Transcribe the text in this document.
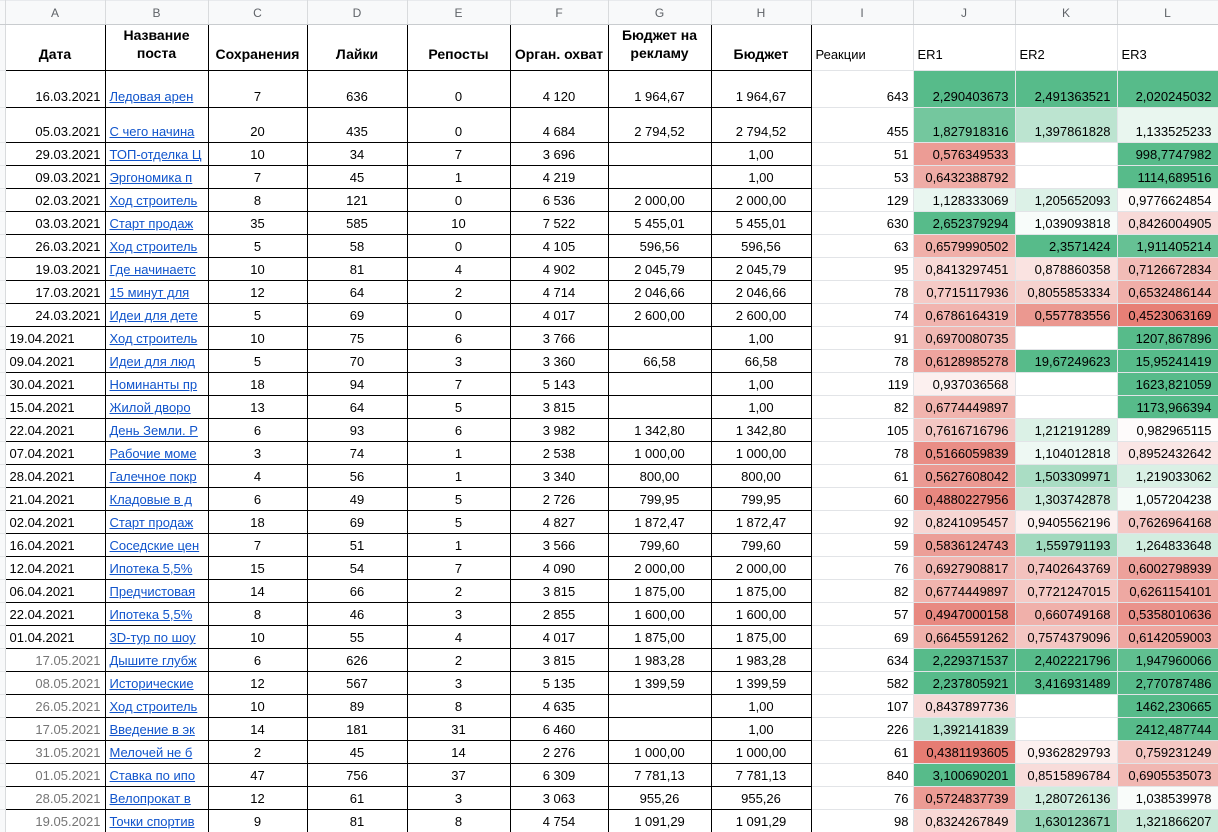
	A	B	C	D	E	F	G	H	I	J	K	L
	Дата	Название поста	Сохранения	Лайки	Репосты	Орган. охват	Бюджет на рекламу	Бюджет	Реакции	ER1	ER2	ER3
	16.03.2021	Ледовая арен	7	636	0	4 120	1 964,67	1 964,67	643	2,290403673	2,491363521	2,020245032
	05.03.2021	С чего начина	20	435	0	4 684	2 794,52	2 794,52	455	1,827918316	1,397861828	1,133525233
	29.03.2021	ТОП-отделка Ц	10	34	7	3 696		1,00	51	0,576349533		998,7747982
	09.03.2021	Эргономика п	7	45	1	4 219		1,00	53	0,6432388792		1114,689516
	02.03.2021	Ход строитель	8	121	0	6 536	2 000,00	2 000,00	129	1,128333069	1,205652093	0,9776624854
	03.03.2021	Старт продаж	35	585	10	7 522	5 455,01	5 455,01	630	2,652379294	1,039093818	0,8426004905
	26.03.2021	Ход строитель	5	58	0	4 105	596,56	596,56	63	0,6579990502	2,3571424	1,911405214
	19.03.2021	Где начинаетс	10	81	4	4 902	2 045,79	2 045,79	95	0,8413297451	0,878860358	0,7126672834
	17.03.2021	15 минут для	12	64	2	4 714	2 046,66	2 046,66	78	0,7715117936	0,8055853334	0,6532486144
	24.03.2021	Идеи для дете	5	69	0	4 017	2 600,00	2 600,00	74	0,6786164319	0,557783556	0,4523063169
	19.04.2021	Ход строитель	10	75	6	3 766		1,00	91	0,6970080735		1207,867896
	09.04.2021	Идеи для люд	5	70	3	3 360	66,58	66,58	78	0,6128985278	19,67249623	15,95241419
	30.04.2021	Номинанты пр	18	94	7	5 143		1,00	119	0,937036568		1623,821059
	15.04.2021	Жилой дворо	13	64	5	3 815		1,00	82	0,6774449897		1173,966394
	22.04.2021	День Земли. Р	6	93	6	3 982	1 342,80	1 342,80	105	0,7616716796	1,212191289	0,982965115
	07.04.2021	Рабочие моме	3	74	1	2 538	1 000,00	1 000,00	78	0,5166059839	1,104012818	0,8952432642
	28.04.2021	Галечное покр	4	56	1	3 340	800,00	800,00	61	0,5627608042	1,503309971	1,219033062
	21.04.2021	Кладовые в д	6	49	5	2 726	799,95	799,95	60	0,4880227956	1,303742878	1,057204238
	02.04.2021	Старт продаж	18	69	5	4 827	1 872,47	1 872,47	92	0,8241095457	0,9405562196	0,7626964168
	16.04.2021	Соседские цен	7	51	1	3 566	799,60	799,60	59	0,5836124743	1,559791193	1,264833648
	12.04.2021	Ипотека 5,5%	15	54	7	4 090	2 000,00	2 000,00	76	0,6927908817	0,7402643769	0,6002798939
	06.04.2021	Предчистовая	14	66	2	3 815	1 875,00	1 875,00	82	0,6774449897	0,7721247015	0,6261154101
	22.04.2021	Ипотека 5,5%	8	46	3	2 855	1 600,00	1 600,00	57	0,4947000158	0,660749168	0,5358010636
	01.04.2021	3D-тур по шоу	10	55	4	4 017	1 875,00	1 875,00	69	0,6645591262	0,7574379096	0,6142059003
	17.05.2021	Дышите глубж	6	626	2	3 815	1 983,28	1 983,28	634	2,229371537	2,402221796	1,947960066
	08.05.2021	Исторические	12	567	3	5 135	1 399,59	1 399,59	582	2,237805921	3,416931489	2,770787486
	26.05.2021	Ход строитель	10	89	8	4 635		1,00	107	0,8437897736		1462,230665
	17.05.2021	Введение в эк	14	181	31	6 460		1,00	226	1,392141839		2412,487744
	31.05.2021	Мелочей не б	2	45	14	2 276	1 000,00	1 000,00	61	0,4381193605	0,9362829793	0,759231249
	01.05.2021	Ставка по ипо	47	756	37	6 309	7 781,13	7 781,13	840	3,100690201	0,8515896784	0,6905535073
	28.05.2021	Велопрокат в	12	61	3	3 063	955,26	955,26	76	0,5724837739	1,280726136	1,038539978
	19.05.2021	Точки спортив	9	81	8	4 754	1 091,29	1 091,29	98	0,8324267849	1,630123671	1,321866207
